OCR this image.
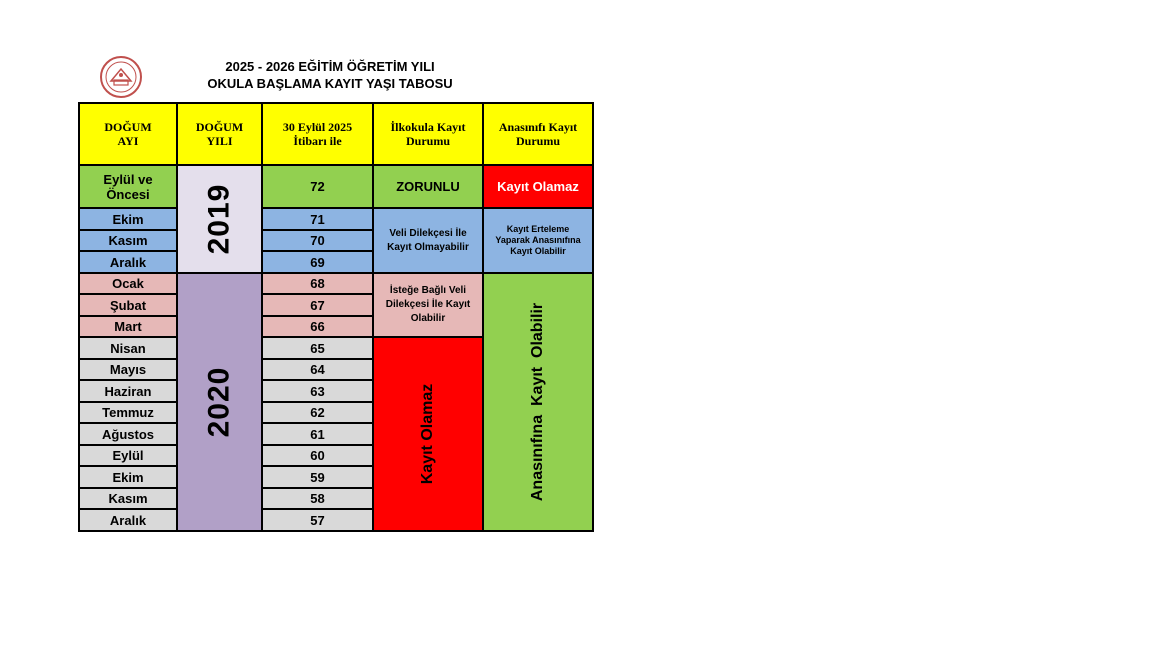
2025 - 2026 EĞİTİM ÖĞRETİM YILI
OKULA BAŞLAMA KAYIT YAŞI TABOSU
DOĞUM AYI
DOĞUM YILI
30 Eylül 2025 İtibarı ile
İlkokula Kayıt Durumu
Anasınıfı Kayıt Durumu
Eylül ve Öncesi
Ekim
Kasım
Aralık
Ocak
Şubat
Mart
Nisan
Mayıs
Haziran
Temmuz
Ağustos
Eylül
Ekim
Kasım
Aralık
2019
2020
72
71
70
69
68
67
66
65
64
63
62
61
60
59
58
57
ZORUNLU
Veli Dilekçesi İle Kayıt Olmayabilir
İsteğe Bağlı Veli Dilekçesi İle Kayıt Olabilir
Kayıt Olamaz
Kayıt Olamaz
Kayıt Erteleme Yaparak Anasınıfına Kayıt Olabilir
Anasınıfına  Kayıt  Olabilir
